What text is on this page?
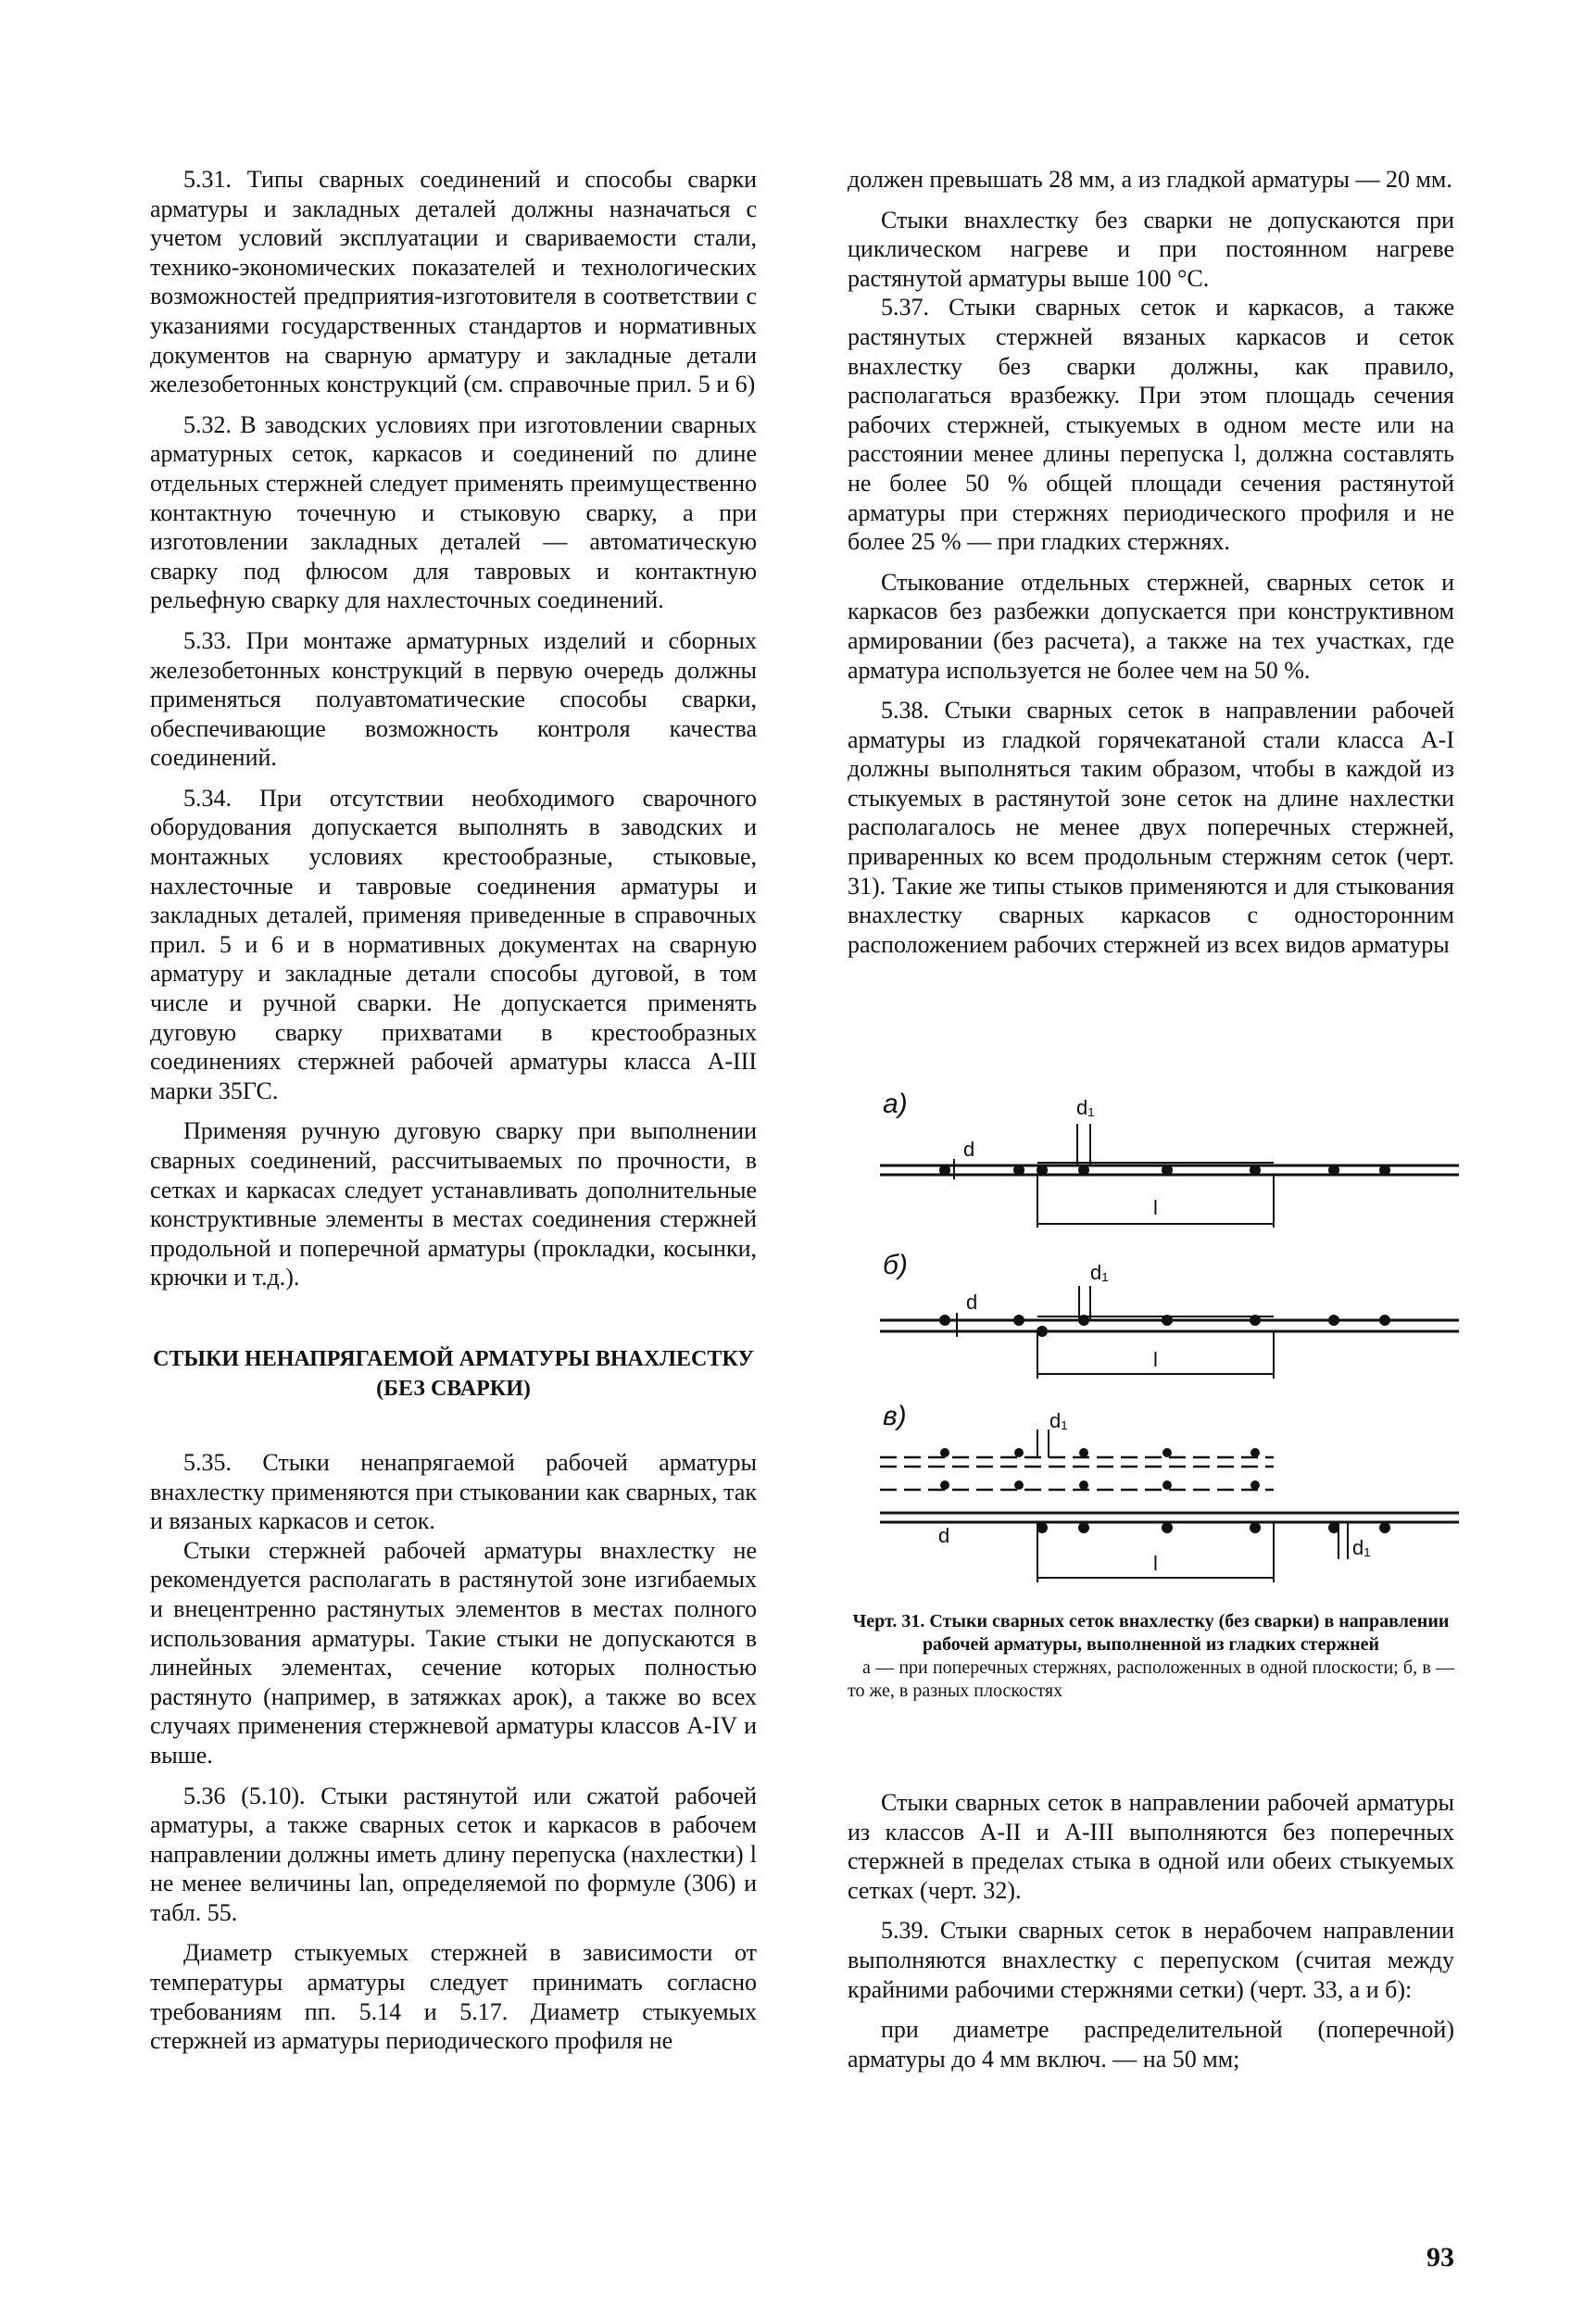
5.31. Типы сварных соединений и способы сварки арматуры и закладных деталей должны назначаться с учетом условий эксплуатации и свариваемости стали, технико-экономических показателей и технологических возможностей предприятия-изготовителя в соответствии с указаниями государственных стандартов и нормативных документов на сварную арматуру и закладные детали железобетонных конструкций (см. справочные прил. 5 и 6)

5.32. В заводских условиях при изготовлении сварных арматурных сеток, каркасов и соединений по длине отдельных стержней следует применять преимущественно контактную точечную и стыковую сварку, а при изготовлении закладных деталей — автоматическую сварку под флюсом для тавровых и контактную рельефную сварку для нахлесточных соединений.

5.33. При монтаже арматурных изделий и сборных железобетонных конструкций в первую очередь должны применяться полуавтоматические способы сварки, обеспечивающие возможность контроля качества соединений.

5.34. При отсутствии необходимого сварочного оборудования допускается выполнять в заводских и монтажных условиях крестообразные, стыковые, нахлесточные и тавровые соединения арматуры и закладных деталей, применяя приведенные в справочных прил. 5 и 6 и в нормативных документах на сварную арматуру и закладные детали способы дуговой, в том числе и ручной сварки. Не допускается применять дуговую сварку прихватами в крестообразных соединениях стержней рабочей арматуры класса A-III марки 35ГС.

Применяя ручную дуговую сварку при выполнении сварных соединений, рассчитываемых по прочности, в сетках и каркасах следует устанавливать дополнительные конструктивные элементы в местах соединения стержней продольной и поперечной арматуры (прокладки, косынки, крючки и т.д.).

СТЫКИ НЕНАПРЯГАЕМОЙ АРМАТУРЫ ВНАХЛЕСТКУ (БЕЗ СВАРКИ)

5.35. Стыки ненапрягаемой рабочей арматуры внахлестку применяются при стыковании как сварных, так и вязаных каркасов и сеток.

Стыки стержней рабочей арматуры внахлестку не рекомендуется располагать в растянутой зоне изгибаемых и внецентренно растянутых элементов в местах полного использования арматуры. Такие стыки не допускаются в линейных элементах, сечение которых полностью растянуто (например, в затяжках арок), а также во всех случаях применения стержневой арматуры классов A-IV и выше.

5.36 (5.10). Стыки растянутой или сжатой рабочей арматуры, а также сварных сеток и каркасов в рабочем направлении должны иметь длину перепуска (нахлестки) l не менее величины lan, определяемой по формуле (306) и табл. 55.

Диаметр стыкуемых стержней в зависимости от температуры арматуры следует принимать согласно требованиям пп. 5.14 и 5.17. Диаметр стыкуемых стержней из арматуры периодического профиля не

должен превышать 28 мм, а из гладкой арматуры — 20 мм.

Стыки внахлестку без сварки не допускаются при циклическом нагреве и при постоянном нагреве растянутой арматуры выше 100 °С.

5.37. Стыки сварных сеток и каркасов, а также растянутых стержней вязаных каркасов и сеток внахлестку без сварки должны, как правило, располагаться вразбежку. При этом площадь сечения рабочих стержней, стыкуемых в одном месте или на расстоянии менее длины перепуска l, должна составлять не более 50 % общей площади сечения растянутой арматуры при стержнях периодического профиля и не более 25 % — при гладких стержнях.

Стыкование отдельных стержней, сварных сеток и каркасов без разбежки допускается при конструктивном армировании (без расчета), а также на тех участках, где арматура используется не более чем на 50 %.

5.38. Стыки сварных сеток в направлении рабочей арматуры из гладкой горячекатаной стали класса A-I должны выполняться таким образом, чтобы в каждой из стыкуемых в растянутой зоне сеток на длине нахлестки располагалось не менее двух поперечных стержней, приваренных ко всем продольным стержням сеток (черт. 31). Такие же типы стыков применяются и для стыкования внахлестку сварных каркасов с односторонним расположением рабочих стержней из всех видов арматуры

а)
d
d₁
l
б)
d
d₁
l
в)	d₁
d
d₁
l
Черт. 31. Стыки сварных сеток внахлестку (без сварки) в направлении рабочей арматуры, выполненной из гладких стержней
а — при поперечных стержнях, расположенных в одной плоскости; б, в — то же, в разных плоскостях

Стыки сварных сеток в направлении рабочей арматуры из классов A-II и A-III выполняются без поперечных стержней в пределах стыка в одной или обеих стыкуемых сетках (черт. 32).

5.39. Стыки сварных сеток в нерабочем направлении выполняются внахлестку с перепуском (считая между крайними рабочими стержнями сетки) (черт. 33, а и б):

при диаметре распределительной (поперечной) арматуры до 4 мм включ. — на 50 мм;

93
